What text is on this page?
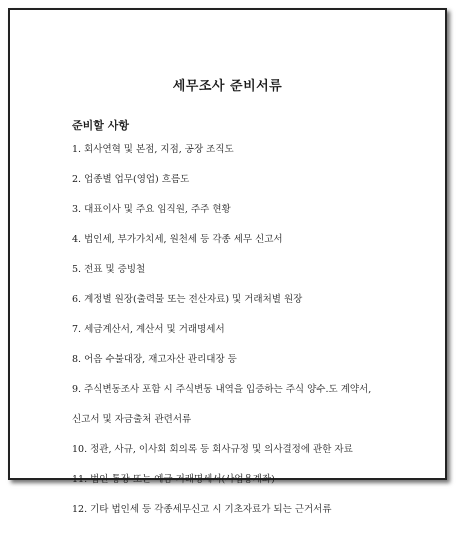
세무조사 준비서류
준비할 사항
1. 회사연혁 및 본점, 지점, 공장 조직도
2. 업종별 업무(영업) 흐름도
3. 대표이사 및 주요 임직원, 주주 현황
4. 법인세, 부가가치세, 원천세 등 각종 세무 신고서
5. 전표 및 증빙철
6. 계정별 원장(출력물 또는 전산자료) 및 거래처별 원장
7. 세금계산서, 계산서 및 거래명세서
8. 어음 수불대장, 재고자산 관리대장 등
9. 주식변동조사 포함 시 주식변동 내역을 입증하는 주식 양수.도 계약서,
신고서 및 자금출처 관련서류
10. 정관, 사규, 이사회 회의록 등 회사규정 및 의사결정에 관한 자료
11. 법인 통장 또는 예금 거래명세서(사업용계좌)
12. 기타 법인세 등 각종세무신고 시 기초자료가 되는 근거서류
